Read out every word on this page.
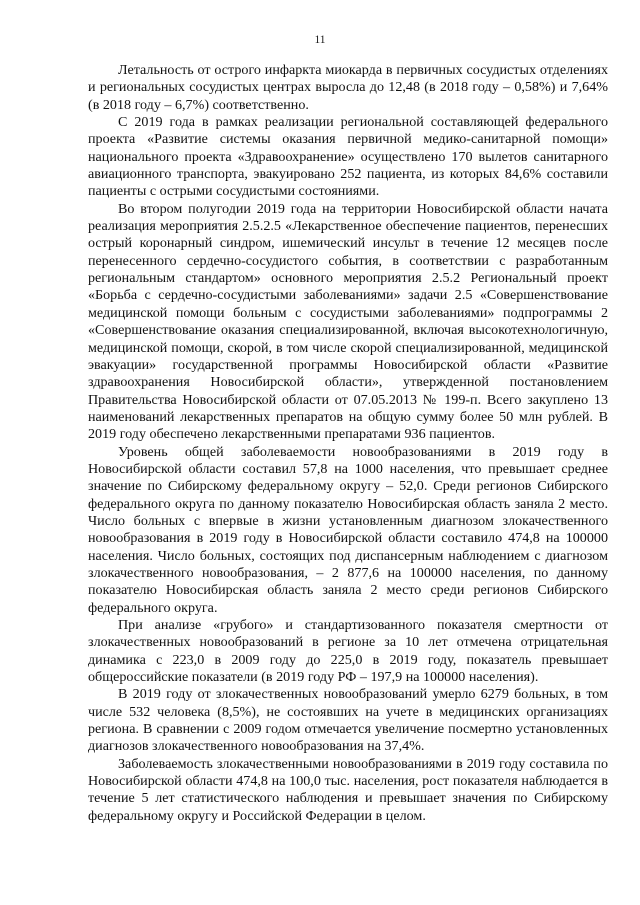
11

Летальность от острого инфаркта миокарда в первичных сосудистых отделениях и региональных сосудистых центрах выросла до 12,48 (в 2018 году – 0,58%) и 7,64% (в 2018 году – 6,7%) соответственно.

С 2019 года в рамках реализации региональной составляющей федерального проекта «Развитие системы оказания первичной медико-санитарной помощи» национального проекта «Здравоохранение» осуществлено 170 вылетов санитарного авиационного транспорта, эвакуировано 252 пациента, из которых 84,6% составили пациенты с острыми сосудистыми состояниями.

Во втором полугодии 2019 года на территории Новосибирской области начата реализация мероприятия 2.5.2.5 «Лекарственное обеспечение пациентов, перенесших острый коронарный синдром, ишемический инсульт в течение 12 месяцев после перенесенного сердечно-сосудистого события, в соответствии с разработанным региональным стандартом» основного мероприятия 2.5.2 Региональный проект «Борьба с сердечно-сосудистыми заболеваниями» задачи 2.5 «Совершенствование медицинской помощи больным с сосудистыми заболеваниями» подпрограммы 2 «Совершенствование оказания специализированной, включая высокотехнологичную, медицинской помощи, скорой, в том числе скорой специализированной, медицинской эвакуации» государственной программы Новосибирской области «Развитие здравоохранения Новосибирской области», утвержденной постановлением Правительства Новосибирской области от 07.05.2013 № 199-п. Всего закуплено 13 наименований лекарственных препаратов на общую сумму более 50 млн рублей. В 2019 году обеспечено лекарственными препаратами 936 пациентов.

Уровень общей заболеваемости новообразованиями в 2019 году в Новосибирской области составил 57,8 на 1000 населения, что превышает среднее значение по Сибирскому федеральному округу – 52,0. Среди регионов Сибирского федерального округа по данному показателю Новосибирская область заняла 2 место. Число больных с впервые в жизни установленным диагнозом злокачественного новообразования в 2019 году в Новосибирской области составило 474,8 на 100000 населения. Число больных, состоящих под диспансерным наблюдением с диагнозом злокачественного новообразования, – 2 877,6 на 100000 населения, по данному показателю Новосибирская область заняла 2 место среди регионов Сибирского федерального округа.

При анализе «грубого» и стандартизованного показателя смертности от злокачественных новообразований в регионе за 10 лет отмечена отрицательная динамика с 223,0 в 2009 году до 225,0 в 2019 году, показатель превышает общероссийские показатели (в 2019 году РФ – 197,9 на 100000 населения).

В 2019 году от злокачественных новообразований умерло 6279 больных, в том числе 532 человека (8,5%), не состоявших на учете в медицинских организациях региона. В сравнении с 2009 годом отмечается увеличение посмертно установленных диагнозов злокачественного новообразования на 37,4%.

Заболеваемость злокачественными новообразованиями в 2019 году составила по Новосибирской области 474,8 на 100,0 тыс. населения, рост показателя наблюдается в течение 5 лет статистического наблюдения и превышает значения по Сибирскому федеральному округу и Российской Федерации в целом.
